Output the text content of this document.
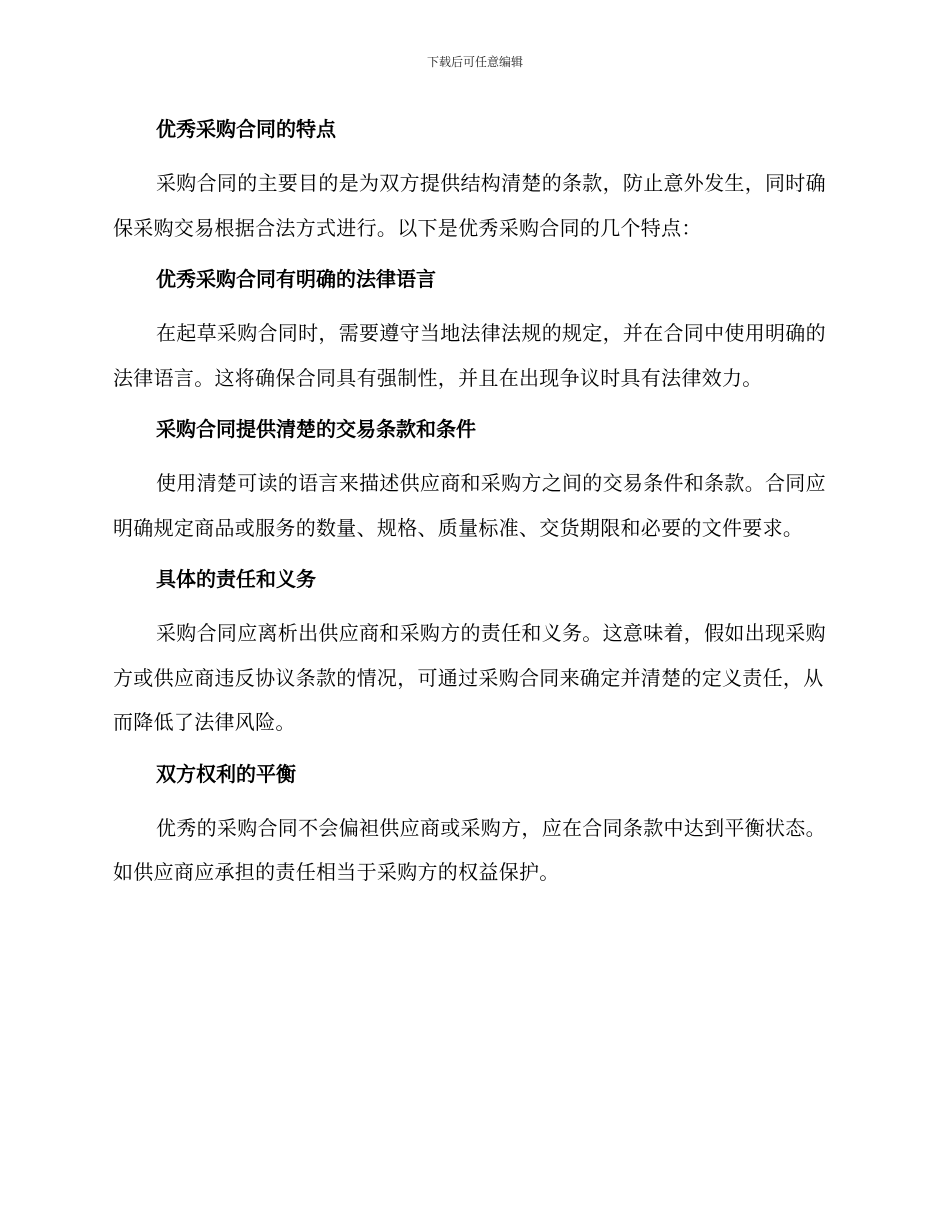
下载后可任意编辑
优秀采购合同的特点

采购合同的主要目的是为双方提供结构清楚的条款，防止意外发生，同时确保采购交易根据合法方式进行。以下是优秀采购合同的几个特点：

优秀采购合同有明确的法律语言

在起草采购合同时，需要遵守当地法律法规的规定，并在合同中使用明确的法律语言。这将确保合同具有强制性，并且在出现争议时具有法律效力。

采购合同提供清楚的交易条款和条件

使用清楚可读的语言来描述供应商和采购方之间的交易条件和条款。合同应明确规定商品或服务的数量、规格、质量标准、交货期限和必要的文件要求。

具体的责任和义务

采购合同应离析出供应商和采购方的责任和义务。这意味着，假如出现采购方或供应商违反协议条款的情况，可通过采购合同来确定并清楚的定义责任，从而降低了法律风险。

双方权利的平衡

优秀的采购合同不会偏袒供应商或采购方，应在合同条款中达到平衡状态。如供应商应承担的责任相当于采购方的权益保护。
